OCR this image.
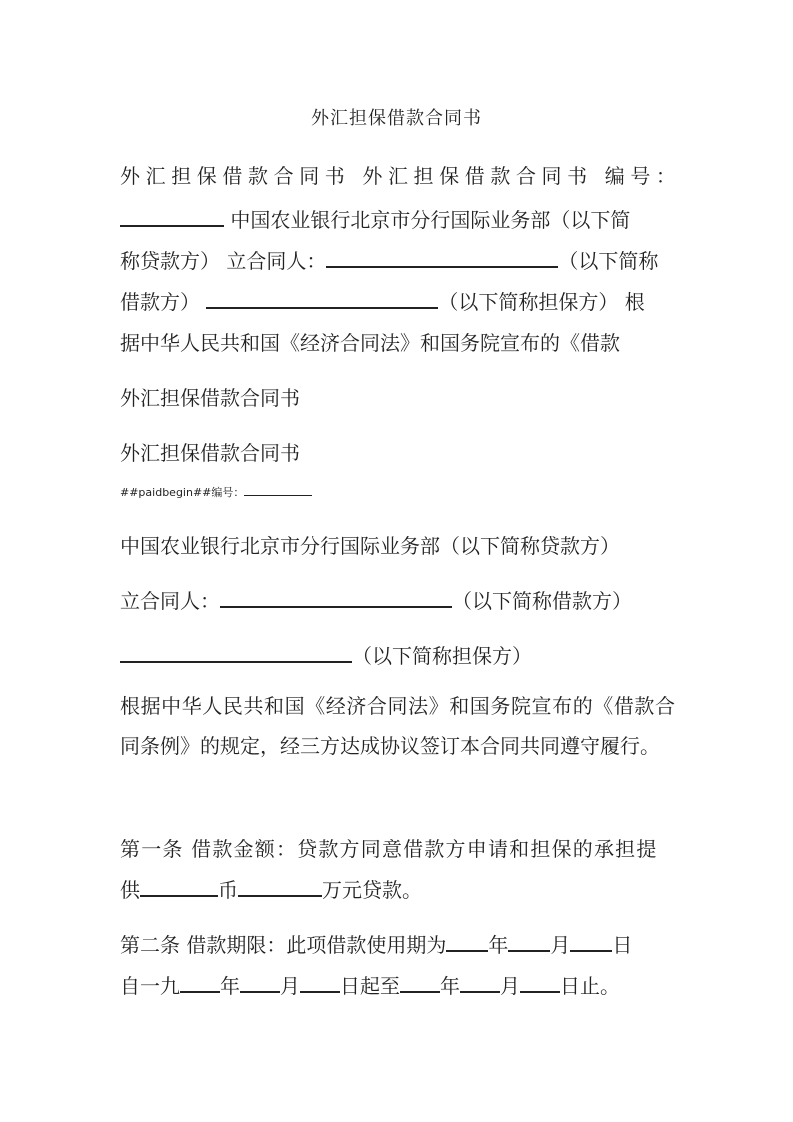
外汇担保借款合同书
外汇担保借款合同书 外汇担保借款合同书 编号：
中国农业银行北京市分行国际业务部（以下简
称贷款方） 立合同人：	（以下简称
借款方）	（以下简称担保方） 根
据中华人民共和国《经济合同法》和国务院宣布的《借款
外汇担保借款合同书
外汇担保借款合同书
##paidbegin##编号：
中国农业银行北京市分行国际业务部（以下简称贷款方）
立合同人：	（以下简称借款方）
（以下简称担保方）
根据中华人民共和国《经济合同法》和国务院宣布的《借款合同条例》的规定，经三方达成协议签订本合同共同遵守履行。
第一条 借款金额：贷款方同意借款方申请和担保的承担提
供	币	万元贷款。
第二条 借款期限：此项借款使用期为 年 月 日
自一九 年 月 日起至 年 月 日止。
